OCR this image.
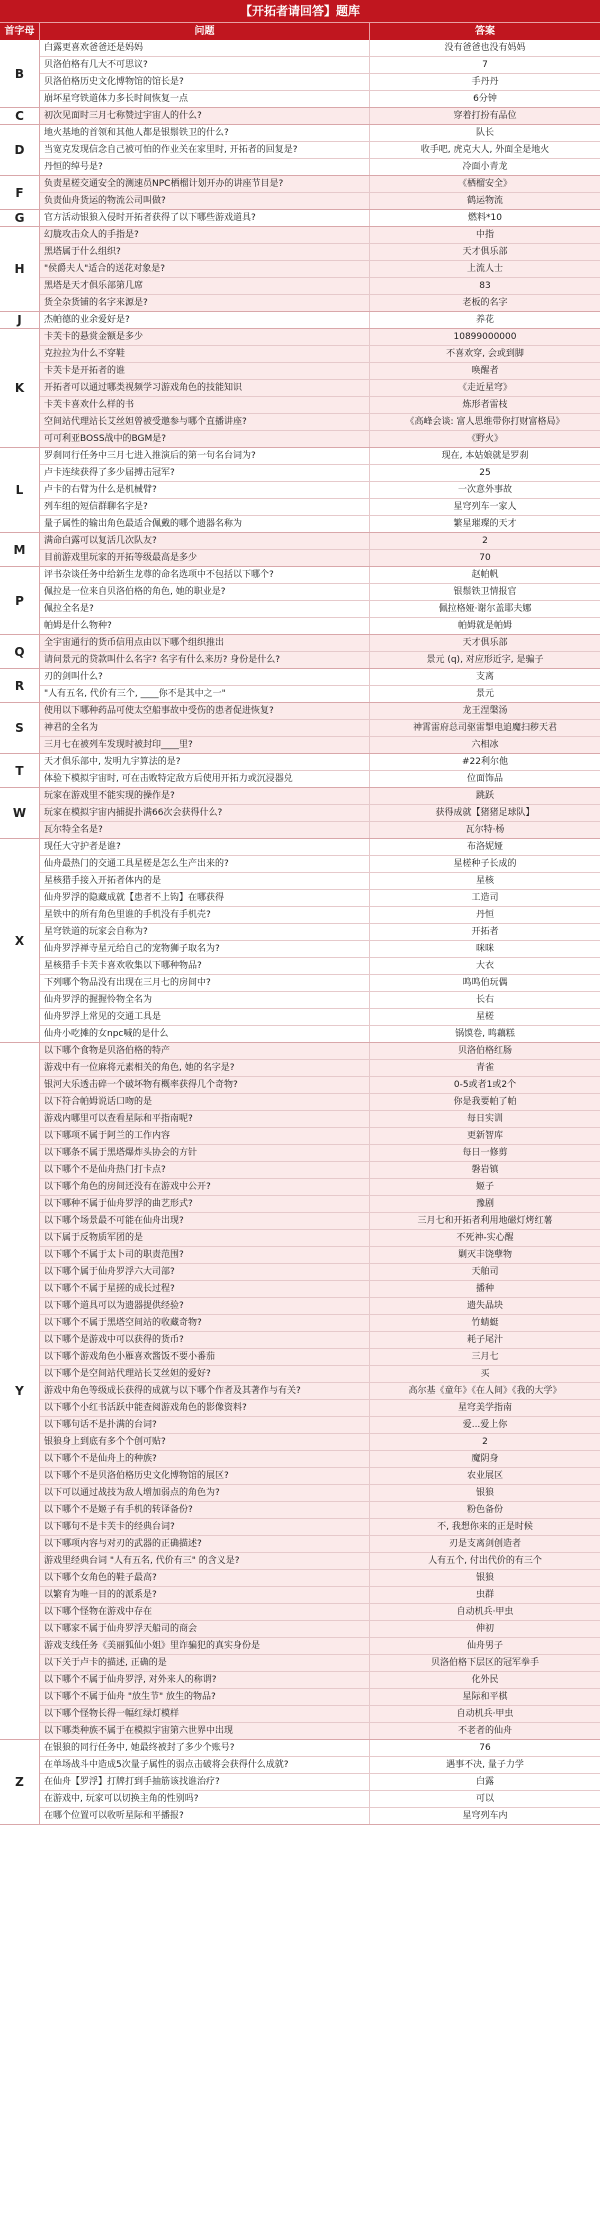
【开拓者请回答】题库
首字母	问题	答案
B
白露更喜欢爸爸还是妈妈	没有爸爸也没有妈妈
贝洛伯格有几大不可思议?	7
贝洛伯格历史文化博物馆的馆长是?	手丹丹
崩坏星穹铁道体力多长时间恢复一点	6分钟
C	初次见面时三月七称赞过宇宙人的什么?	穿着打扮有品位
D
地火基地的首领和其他人都是银鬃铁卫的什么?	队长
当宽克发现信念自己被可怕的作业关在家里时, 开拓者的回复是?	收手吧, 虎克大人, 外面全是地火
丹恒的绰号是?	冷面小青龙
F
负责星槎交通安全的测速员NPC栖榴计划开办的讲座节目是?	《栖榴安全》
负责仙舟货运的物流公司叫做?	鹤运物流
G	官方活动银狼入侵时开拓者获得了以下哪些游戏道具?	燃料*10
H
幻胧攻击众人的手指是?	中指
黑塔属于什么组织?	天才俱乐部
"侯爵夫人"适合的送花对象是?	上流人士
黑塔是天才俱乐部第几席	83
货全杂货铺的名字来源是?	老板的名字
J	杰帕德的业余爱好是?	养花
K
卡芙卡的悬赏金额是多少	10899000000
克拉拉为什么不穿鞋	不喜欢穿, 会或到脚
卡芙卡是开拓者的谁	唤醒者
开拓者可以通过哪类视频学习游戏角色的技能知识	《走近星穹》
卡芙卡喜欢什么样的书	炼形者雷枝
空间站代理站长艾丝妲曾被受邀参与哪个直播讲座?	《高峰会谈: 富人思维带你打财富格局》
可可利亚BOSS战中的BGM是?	《野火》
L
罗刹同行任务中三月七进入推演后的第一句名台词为?	现在, 本姑娘就是罗刹
卢卡连续获得了多少届搏击冠军?	25
卢卡的右臂为什么是机械臂?	一次意外事故
列车组的短信群聊名字是?	星穹列车一家人
量子属性的输出角色最适合佩戴的哪个遗器名称为	繁星璀璨的天才
M
满命白露可以复活几次队友?	2
目前游戏里玩家的开拓等级最高是多少	70
P
评书杂谈任务中给新生龙尊的命名选项中不包括以下哪个?	赵帕帆
佩拉是一位来自贝洛伯格的角色, 她的职业是?	银鬃铁卫情报官
佩拉全名是?	佩拉格娅·谢尔盖耶夫娜
帕姆是什么物种?	帕姆就是帕姆
Q
全宇宙通行的货币信用点由以下哪个组织推出	天才俱乐部
请问景元的贷款叫什么名字? 名字有什么来历? 身份是什么?	景元 (q), 对应形近字, 是骗子
R
刃的剑叫什么?	支离
"人有五名, 代价有三个, ____你不是其中之一"	景元
S
使用以下哪种药品可使太空船事故中受伤的患者促进恢复?	龙王涅槃汤
神君的全名为	神霄雷府总司驱雷掣电追魔扫秽天君
三月七在被列车发现时被封印____里?	六相冰
T
天才俱乐部中, 发明九宇算法的是?	#22利尔他
体验下模拟宇宙时, 可在击败特定敌方后使用开拓力或沉浸器兑	位面饰品
W
玩家在游戏里不能实现的操作是?	跳跃
玩家在模拟宇宙内捕捉扑满66次会获得什么?	获得成就【猪猪足球队】
瓦尔特全名是?	瓦尔特·杨
X
现任大守护者是谁?	布洛妮娅
仙舟最热门的交通工具星槎是怎么生产出来的?	星槎种子长成的
星核猎手接入开拓者体内的是	星核
仙舟罗浮的隐藏成就【患者不上钩】在哪获得	工造司
星铁中的所有角色里谁的手机没有手机壳?	丹恒
星穹铁道的玩家会自称为?	开拓者
仙舟罗浮禅寺星元给自己的宠物狮子取名为?	咪咪
星核猎手卡芙卡喜欢收集以下哪种物品?	大衣
下列哪个物品没有出现在三月七的房间中?	鸣鸣伯玩偶
仙舟罗浮的握握怜物全名为	长右
仙舟罗浮上常见的交通工具是	星槎
仙舟小吃摊的女npc喊的是什么	锅馍卷, 鸣藕糕
Y
以下哪个食物是贝洛伯格的特产	贝洛伯格红肠
游戏中有一位麻将元素相关的角色, 她的名字是?	青雀
银河大乐透击碎一个破坏物有概率获得几个奇物?	0-5或者1或2个
以下符合帕姆说话口吻的是	你是我要帕了帕
游戏内哪里可以查看星际和平指南呢?	每日实训
以下哪项不属于阿兰的工作内容	更新智库
以下哪条不属于黑塔爆炸头协会的方针	每日一修剪
以下哪个不是仙舟热门打卡点?	磐岩镇
以下哪个角色的房间还没有在游戏中公开?	姬子
以下哪种不属于仙舟罗浮的曲艺形式?	豫剧
以下哪个场景最不可能在仙舟出现?	三月七和开拓者利用地磁灯烤红薯
以下属于反物质军团的是	不死神-实心醒
以下哪个不属于太卜司的职责范围?	剿灭丰饶孽物
以下哪个属于仙舟罗浮六大司部?	天舶司
以下哪个不属于星搓的成长过程?	播种
以下哪个道具可以为遗器提供经验?	遗失晶块
以下哪个不属于黑塔空间站的收藏奇物?	竹蜻蜓
以下哪个是游戏中可以获得的货币?	耗子尾汁
以下哪个游戏角色小雁喜欢酱饭不要小番茄	三月七
以下哪个是空间站代理站长艾丝妲的爱好?	买
游戏中角色等级成长获得的成就与以下哪个作者及其著作与有关?	高尔基《童年》《在人间》《我的大学》
以下哪个小红书活跃中能查阅游戏角色的影像资料?	星穹美学指南
以下哪句话不是扑满的台词?	爱...爱上你
银狼身上到底有多个个创可贴?	2
以下哪个不是仙舟上的种族?	魔阴身
以下哪个不是贝洛伯格历史文化博物馆的展区?	农业展区
以下可以通过战技为敌人增加弱点的角色为?	银狼
以下哪个不是姬子有手机的转译备份?	粉色备份
以下哪句不是卡芙卡的经典台词?	不, 我想你来的正是时候
以下哪项内容与对刃的武器的正确描述?	刃是支离剑创造者
游戏里经典台词 "人有五名, 代价有三" 的含义是?	人有五个, 付出代价的有三个
以下哪个女角色的鞋子最高?	银狼
以繁育为唯一目的的派系是?	虫群
以下哪个怪物在游戏中存在	自动机兵·甲虫
以下哪家不属于仙舟罗浮天船司的商会	伸初
游戏支线任务《美丽狐仙小姐》里诈骗犯的真实身份是	仙舟男子
以下关于卢卡的描述, 正确的是	贝洛伯格下层区的冠军拳手
以下哪个不属于仙舟罗浮, 对外来人的称谓?	化外民
以下哪个不属于仙舟 "放生节" 放生的物品?	星际和平棋
以下哪个怪物长得一幅红绿灯模样	自动机兵·甲虫
以下哪类种族不属于在模拟宇宙第六世界中出现	不老者的仙舟
Z
在银狼的同行任务中, 她最终被封了多少个账号?	76
在单场战斗中造成5次量子属性的弱点击破将会获得什么成就?	遇事不决, 量子力学
在仙舟【罗浮】打牌打到手抽筋该找谁治疗?	白露
在游戏中, 玩家可以切换主角的性别吗?	可以
在哪个位置可以收听星际和平播报?	星穹列车内
